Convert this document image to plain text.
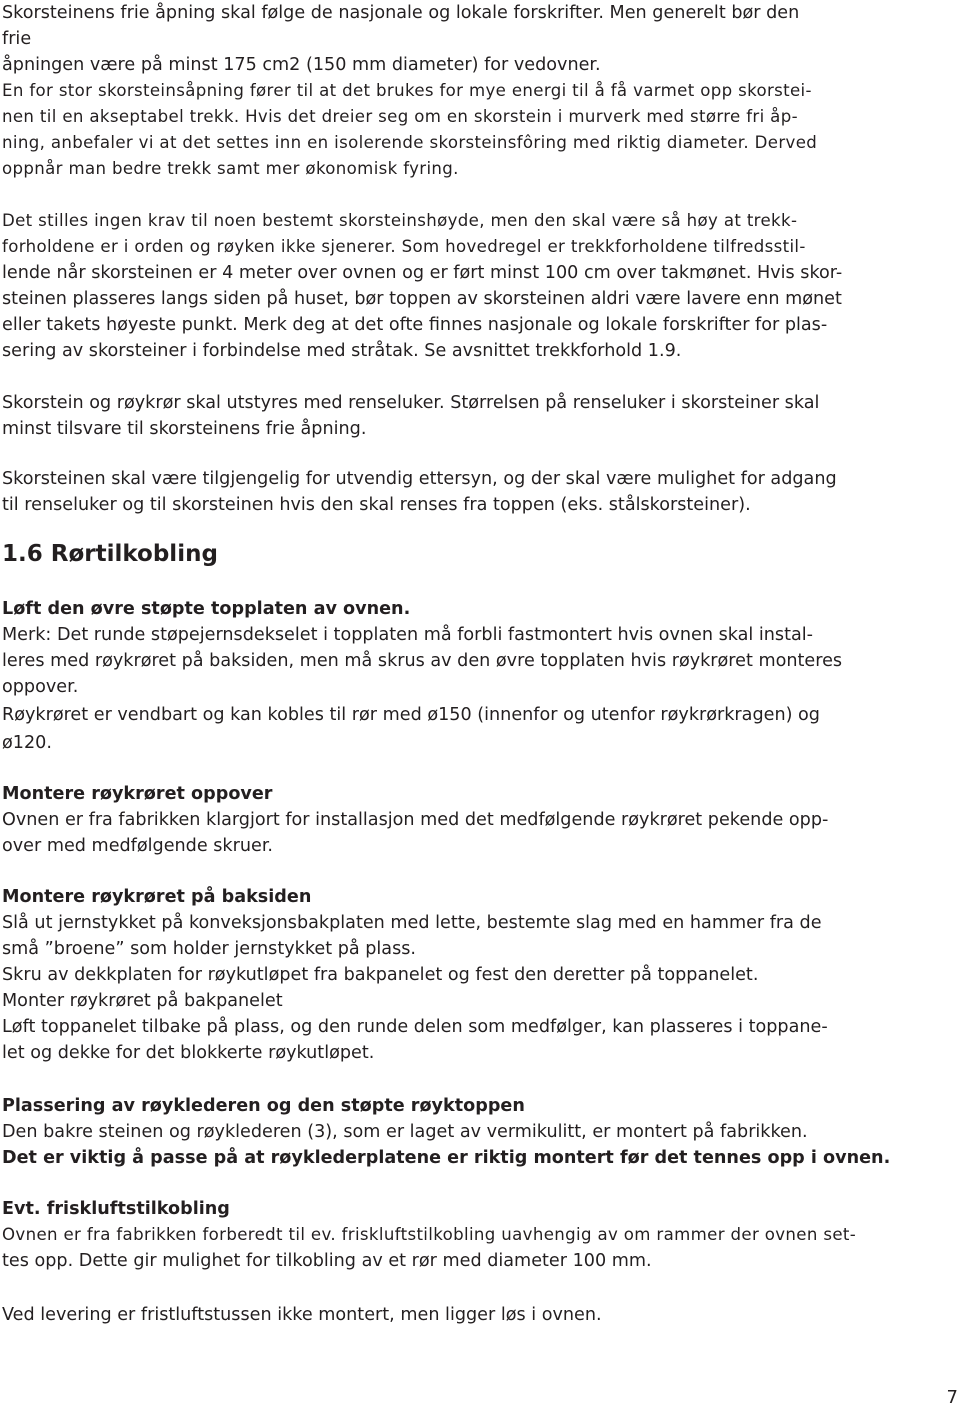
Skorsteinens frie åpning skal følge de nasjonale og lokale forskrifter. Men generelt bør den
frie
åpningen være på minst 175 cm2 (150 mm diameter) for vedovner.
En for stor skorsteinsåpning fører til at det brukes for mye energi til å få varmet opp skorstei-
nen til en akseptabel trekk. Hvis det dreier seg om en skorstein i murverk med større fri åp-
ning, anbefaler vi at det settes inn en isolerende skorsteinsfôring med riktig diameter. Derved
oppnår man bedre trekk samt mer økonomisk fyring.
Det stilles ingen krav til noen bestemt skorsteinshøyde, men den skal være så høy at trekk-
forholdene er i orden og røyken ikke sjenerer. Som hovedregel er trekkforholdene tilfredsstil-
lende når skorsteinen er 4 meter over ovnen og er ført minst 100 cm over takmønet. Hvis skor-
steinen plasseres langs siden på huset, bør toppen av skorsteinen aldri være lavere enn mønet
eller takets høyeste punkt. Merk deg at det ofte finnes nasjonale og lokale forskrifter for plas-
sering av skorsteiner i forbindelse med stråtak. Se avsnittet trekkforhold 1.9.
Skorstein og røykrør skal utstyres med renseluker. Størrelsen på renseluker i skorsteiner skal
minst tilsvare til skorsteinens frie åpning.
Skorsteinen skal være tilgjengelig for utvendig ettersyn, og der skal være mulighet for adgang
til renseluker og til skorsteinen hvis den skal renses fra toppen (eks. stålskorsteiner).
1.6 Rørtilkobling
Løft den øvre støpte topplaten av ovnen.
Merk: Det runde støpejernsdekselet i topplaten må forbli fastmontert hvis ovnen skal instal-
leres med røykrøret på baksiden, men må skrus av den øvre topplaten hvis røykrøret monteres
oppover.
Røykrøret er vendbart og kan kobles til rør med ø150 (innenfor og utenfor røykrørkragen) og
ø120.
Montere røykrøret oppover
Ovnen er fra fabrikken klargjort for installasjon med det medfølgende røykrøret pekende opp-
over med medfølgende skruer.
Montere røykrøret på baksiden
Slå ut jernstykket på konveksjonsbakplaten med lette, bestemte slag med en hammer fra de
små ”broene” som holder jernstykket på plass.
Skru av dekkplaten for røykutløpet fra bakpanelet og fest den deretter på toppanelet.
Monter røykrøret på bakpanelet
Løft toppanelet tilbake på plass, og den runde delen som medfølger, kan plasseres i toppane-
let og dekke for det blokkerte røykutløpet.
Plassering av røyklederen og den støpte røyktoppen
Den bakre steinen og røyklederen (3), som er laget av vermikulitt, er montert på fabrikken.
Det er viktig å passe på at røyklederplatene er riktig montert før det tennes opp i ovnen.
Evt. friskluftstilkobling
Ovnen er fra fabrikken forberedt til ev. friskluftstilkobling uavhengig av om rammer der ovnen set-
tes opp. Dette gir mulighet for tilkobling av et rør med diameter 100 mm.
Ved levering er fristluftstussen ikke montert, men ligger løs i ovnen.
7
